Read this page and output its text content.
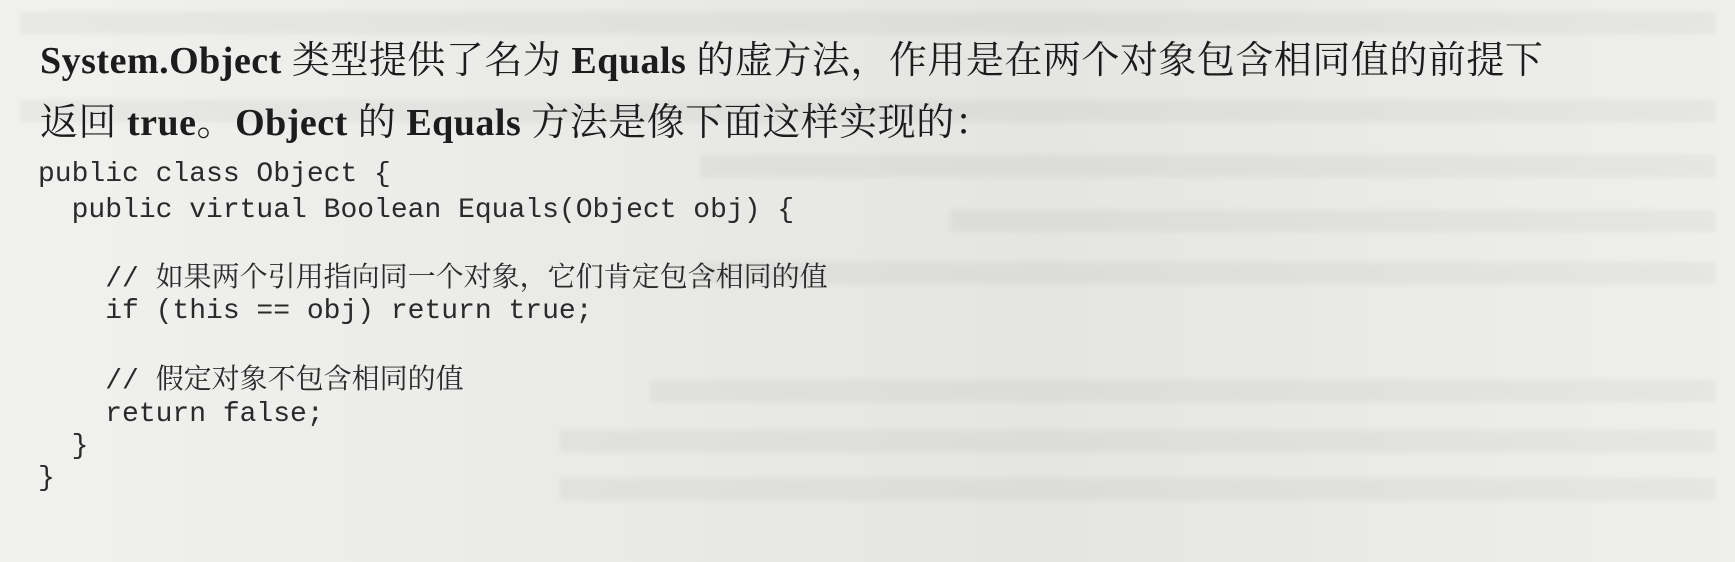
System.Object 类型提供了名为 Equals 的虚方法，作用是在两个对象包含相同值的前提下
返回 true。Object 的 Equals 方法是像下面这样实现的：

public class Object {

public virtual Boolean Equals(Object obj) {

// 如果两个引用指向同一个对象，它们肯定包含相同的值

if (this == obj) return true;

// 假定对象不包含相同的值

return false;

}

}
